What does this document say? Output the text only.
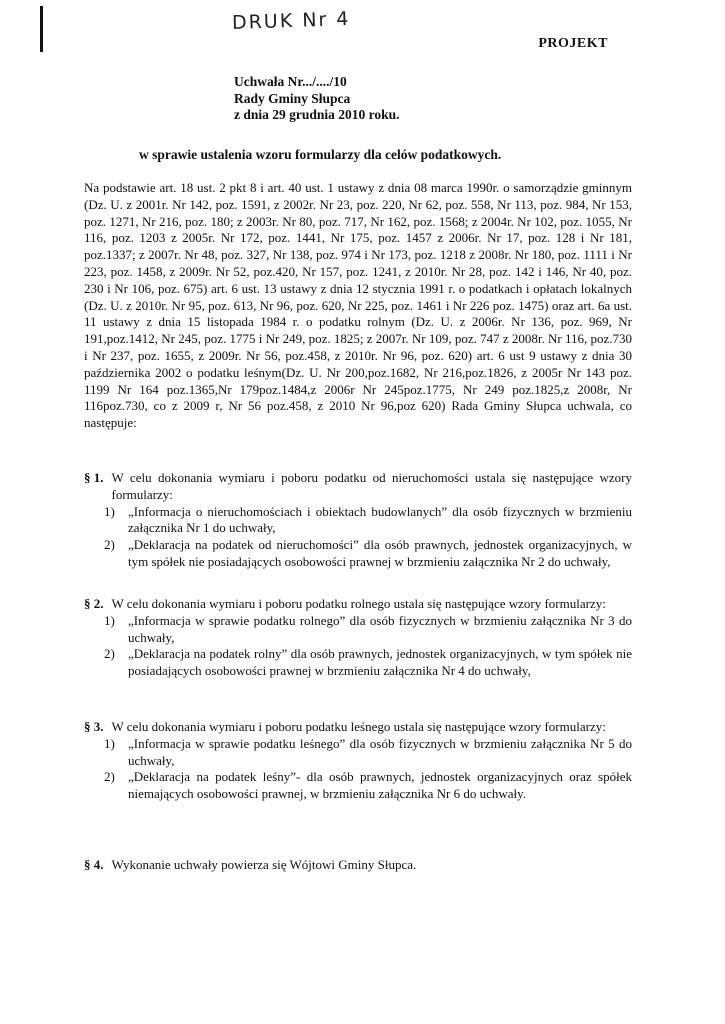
DRUK Nr 4
PROJEKT
Uchwała Nr.../..../10
Rady Gminy Słupca
z dnia 29 grudnia 2010 roku.
w sprawie ustalenia wzoru formularzy dla celów podatkowych.
Na podstawie art. 18 ust. 2 pkt 8 i art. 40 ust. 1 ustawy z dnia 08 marca 1990r. o samorządzie gminnym (Dz. U. z 2001r. Nr 142, poz. 1591, z 2002r. Nr 23, poz. 220, Nr 62, poz. 558, Nr 113, poz. 984, Nr 153, poz. 1271, Nr 216, poz. 180; z 2003r. Nr 80, poz. 717, Nr 162, poz. 1568; z 2004r. Nr 102, poz. 1055, Nr 116, poz. 1203 z 2005r. Nr 172, poz. 1441, Nr 175, poz. 1457 z 2006r. Nr 17, poz. 128 i Nr 181, poz.1337; z 2007r. Nr 48, poz. 327, Nr 138, poz. 974 i Nr 173, poz. 1218 z 2008r. Nr 180, poz. 1111 i Nr 223, poz. 1458, z 2009r. Nr 52, poz.420, Nr 157, poz. 1241, z 2010r. Nr 28, poz. 142 i 146, Nr 40, poz. 230 i Nr 106, poz. 675) art. 6 ust. 13 ustawy z dnia 12 stycznia 1991 r. o podatkach i opłatach lokalnych (Dz. U. z 2010r. Nr 95, poz. 613, Nr 96, poz. 620, Nr 225, poz. 1461 i Nr 226 poz. 1475) oraz art. 6a ust. 11 ustawy z dnia 15 listopada 1984 r. o podatku rolnym (Dz. U. z 2006r. Nr 136, poz. 969, Nr 191,poz.1412, Nr 245, poz. 1775 i Nr 249, poz. 1825; z 2007r. Nr 109, poz. 747 z 2008r. Nr 116, poz.730 i Nr 237, poz. 1655, z 2009r. Nr 56, poz.458, z 2010r. Nr 96, poz. 620) art. 6 ust 9 ustawy z dnia 30 października 2002 o podatku leśnym(Dz. U. Nr 200,poz.1682, Nr 216,poz.1826, z 2005r Nr 143 poz. 1199 Nr 164 poz.1365,Nr 179poz.1484,z 2006r Nr 245poz.1775, Nr 249 poz.1825,z 2008r, Nr 116poz.730, co z 2009 r, Nr 56 poz.458, z 2010 Nr 96,poz 620) Rada Gminy Słupca uchwala, co następuje:
§ 1. W celu dokonania wymiaru i poboru podatku od nieruchomości ustala się następujące wzory formularzy:
1)	„Informacja o nieruchomościach i obiektach budowlanych” dla osób fizycznych w brzmieniu załącznika Nr 1 do uchwały,
2)	„Deklaracja na podatek od nieruchomości” dla osób prawnych, jednostek organizacyjnych, w tym spółek nie posiadających osobowości prawnej w brzmieniu załącznika Nr 2 do uchwały,
§ 2. W celu dokonania wymiaru i poboru podatku rolnego ustala się następujące wzory formularzy:
1)	„Informacja w sprawie podatku rolnego” dla osób fizycznych w brzmieniu załącznika Nr 3 do uchwały,
2)	„Deklaracja na podatek rolny” dla osób prawnych, jednostek organizacyjnych, w tym spółek nie posiadających osobowości prawnej w brzmieniu załącznika Nr 4 do uchwały,
§ 3. W celu dokonania wymiaru i poboru podatku leśnego ustala się następujące wzory formularzy:
1)	„Informacja w sprawie podatku leśnego” dla osób fizycznych w brzmieniu załącznika Nr 5 do uchwały,
2)	„Deklaracja na podatek leśny”- dla osób prawnych, jednostek organizacyjnych oraz spółek niemających osobowości prawnej, w brzmieniu załącznika Nr 6 do uchwały.
§ 4. Wykonanie uchwały powierza się Wójtowi Gminy Słupca.
